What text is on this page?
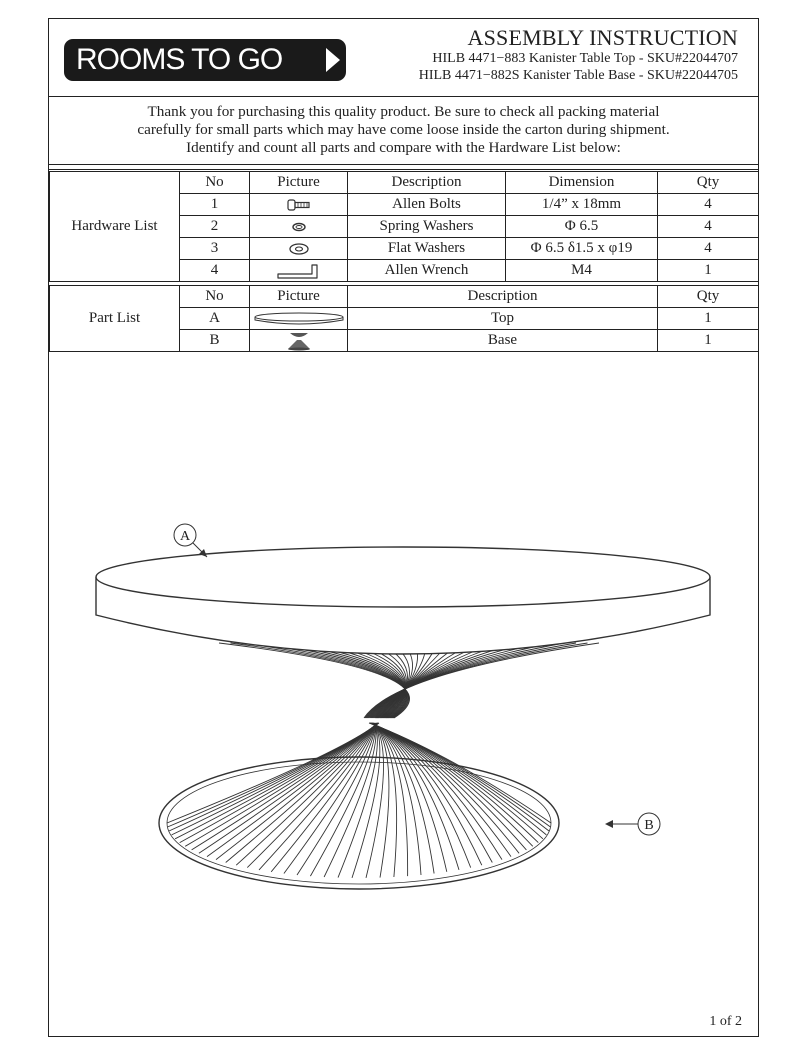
ROOMS TO GO
ASSEMBLY INSTRUCTION
HILB 4471−883 Kanister Table Top - SKU#22044707
HILB 4471−882S Kanister Table Base - SKU#22044705
Thank you for purchasing this quality product. Be sure to check all packing material
carefully for small parts which may have come loose inside the carton during shipment.
Identify and count all parts and compare with the Hardware List below:
Hardware List	No	Picture	Description	Dimension	Qty
	1		Allen Bolts	1/4” x 18mm	4
	2		Spring Washers	Φ 6.5	4
	3		Flat Washers	Φ 6.5 δ1.5 x φ19	4
	4		Allen Wrench	M4	1
Part List	No	Picture	Description	Qty
	A		Top	1
	B		Base	1
A
B
1 of 2
